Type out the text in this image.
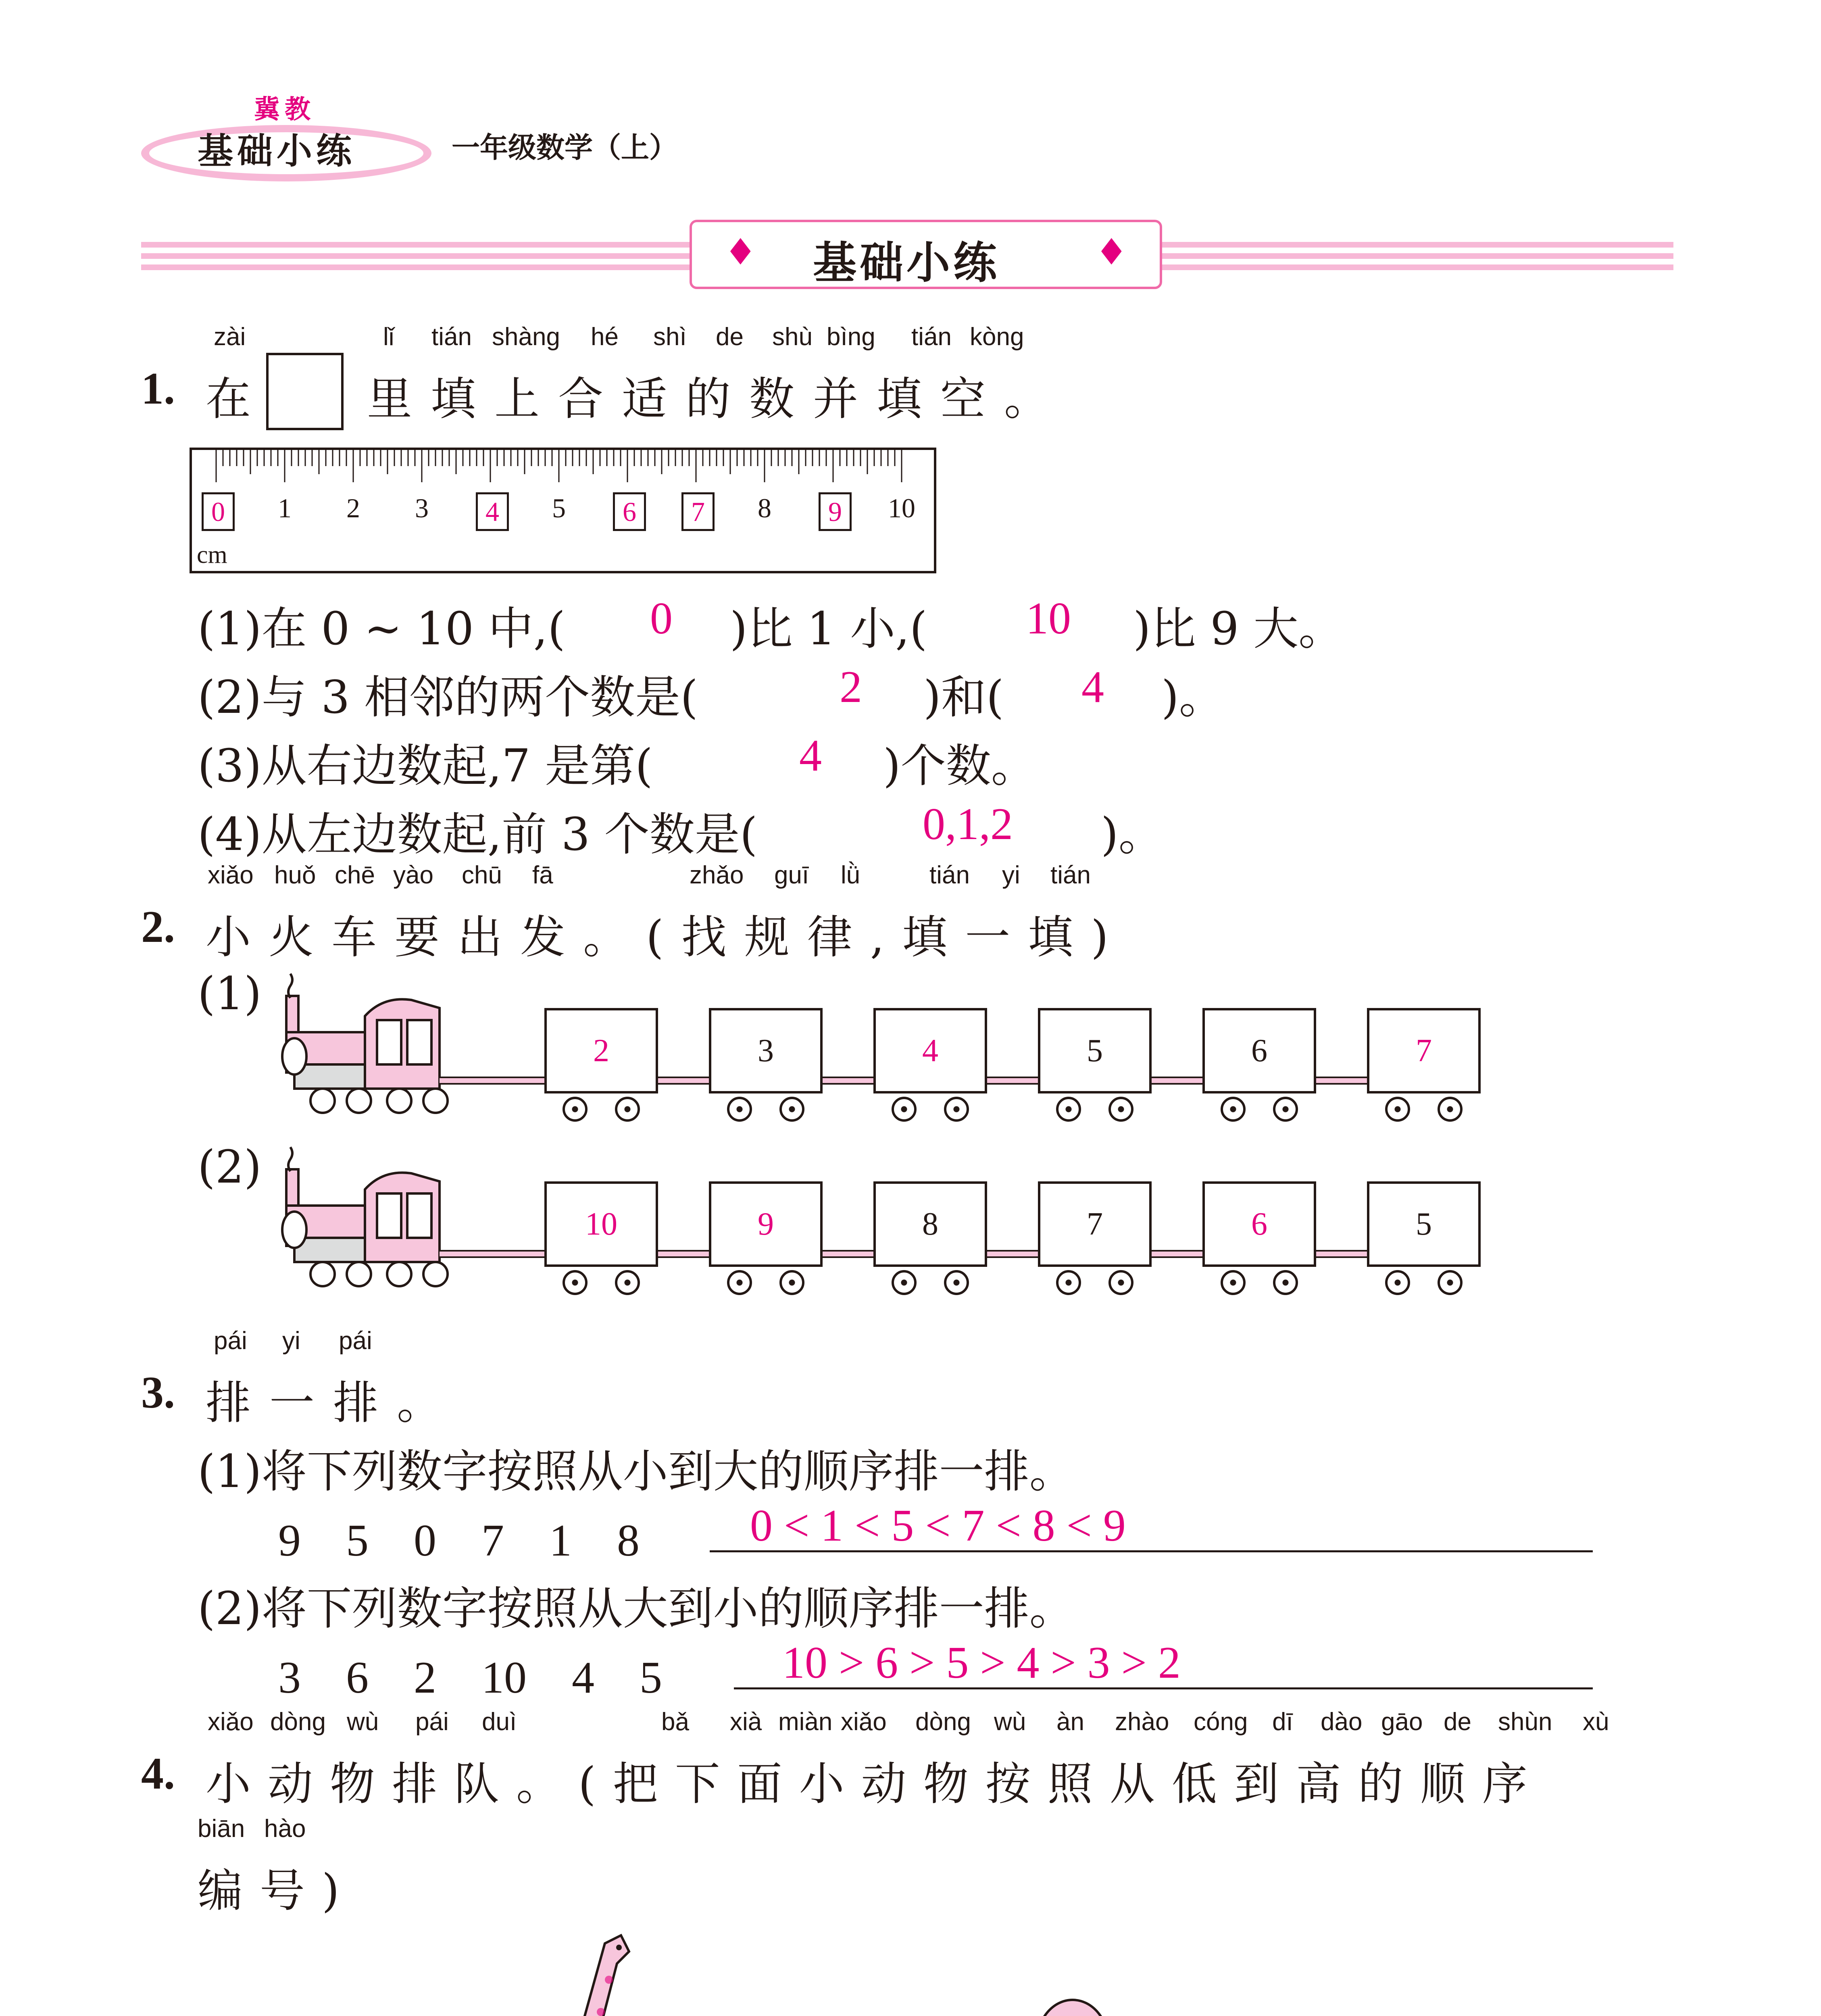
冀教
基础小练	一年级数学（上）
♦ 基础小练	♦
zài	lǐ tián shàng hé shì de shù bìng tián kòng
1. 在 里填上合适的数并填空。
cm
0	1	2	3	4	5	6	7	8	9	10
(1)在 0 ~ 10 中,(	0	)比 1 小,(	10	)比 9 大。
(2)与 3 相邻的两个数是(	2	)和(	4	)。
(3)从右边数起,7 是第(	4	)个数。
(4)从左边数起,前 3 个数是(	0,1,2	)。
xiǎo huǒ chē yào chū fā	zhǎo guī lǜ	tián yi tián
2. 小火车要出发。(找规律,填一填)
(1)
2	3	4	5	6	7
(2)
10	9	8	7	6	5
pái yi pái
3. 排一排。
(1)将下列数字按照从小到大的顺序排一排。
9　5　0　7　1　8 0 < 1 < 5 < 7 < 8 < 9
(2)将下列数字按照从大到小的顺序排一排。
3　6　2　10　4　5	10 > 6 > 5 > 4 > 3 > 2
xiǎo dòng wù pái duì	bǎ xià miàn xiǎo dòng wù àn zhào cóng dī dào gāo de shùn xù
4. 小动物排队。(把下面小动物按照从低到高的顺序
biān hào
编号)
